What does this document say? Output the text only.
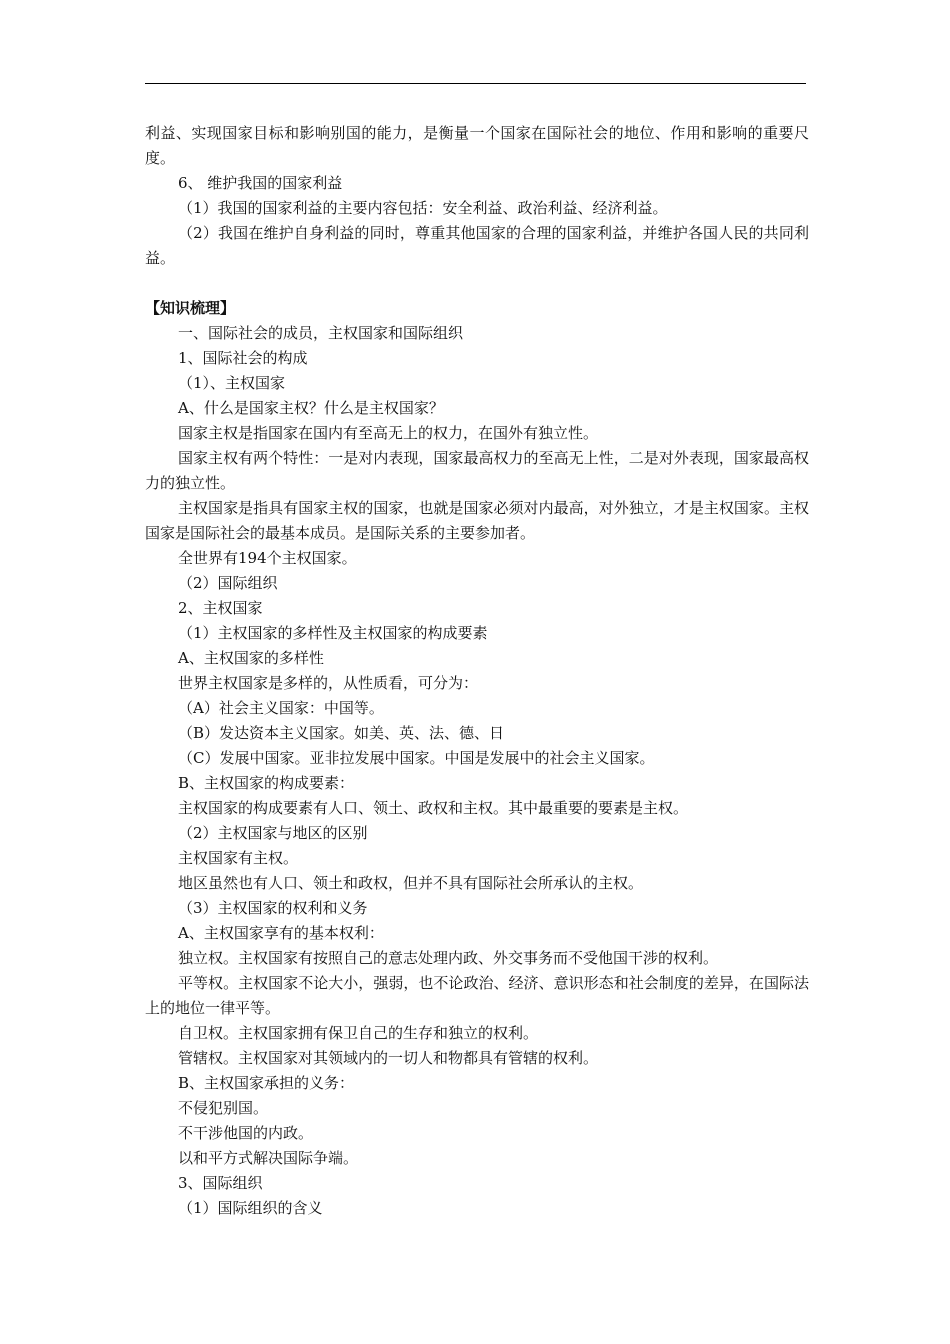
利益、实现国家目标和影响别国的能力，是衡量一个国家在国际社会的地位、作用和影响的重要尺度。

6、 维护我国的国家利益

（1）我国的国家利益的主要内容包括：安全利益、政治利益、经济利益。

（2）我国在维护自身利益的同时，尊重其他国家的合理的国家利益，并维护各国人民的共同利益。

【知识梳理】

一、国际社会的成员，主权国家和国际组织

1、国际社会的构成

（1）、主权国家

A、什么是国家主权？什么是主权国家？

国家主权是指国家在国内有至高无上的权力，在国外有独立性。

国家主权有两个特性：一是对内表现，国家最高权力的至高无上性，二是对外表现，国家最高权力的独立性。

主权国家是指具有国家主权的国家，也就是国家必须对内最高，对外独立，才是主权国家。主权国家是国际社会的最基本成员。是国际关系的主要参加者。

全世界有194个主权国家。

（2）国际组织

2、主权国家

（1）主权国家的多样性及主权国家的构成要素

A、主权国家的多样性

世界主权国家是多样的，从性质看，可分为：

（A）社会主义国家：中国等。

（B）发达资本主义国家。如美、英、法、德、日

（C）发展中国家。亚非拉发展中国家。中国是发展中的社会主义国家。

B、主权国家的构成要素：

主权国家的构成要素有人口、领土、政权和主权。其中最重要的要素是主权。

（2）主权国家与地区的区别

主权国家有主权。

地区虽然也有人口、领土和政权，但并不具有国际社会所承认的主权。

（3）主权国家的权利和义务

A、主权国家享有的基本权利：

独立权。主权国家有按照自己的意志处理内政、外交事务而不受他国干涉的权利。

平等权。主权国家不论大小，强弱，也不论政治、经济、意识形态和社会制度的差异，在国际法上的地位一律平等。

自卫权。主权国家拥有保卫自己的生存和独立的权利。

管辖权。主权国家对其领域内的一切人和物都具有管辖的权利。

B、主权国家承担的义务：

不侵犯别国。

不干涉他国的内政。

以和平方式解决国际争端。

3、国际组织

（1）国际组织的含义
